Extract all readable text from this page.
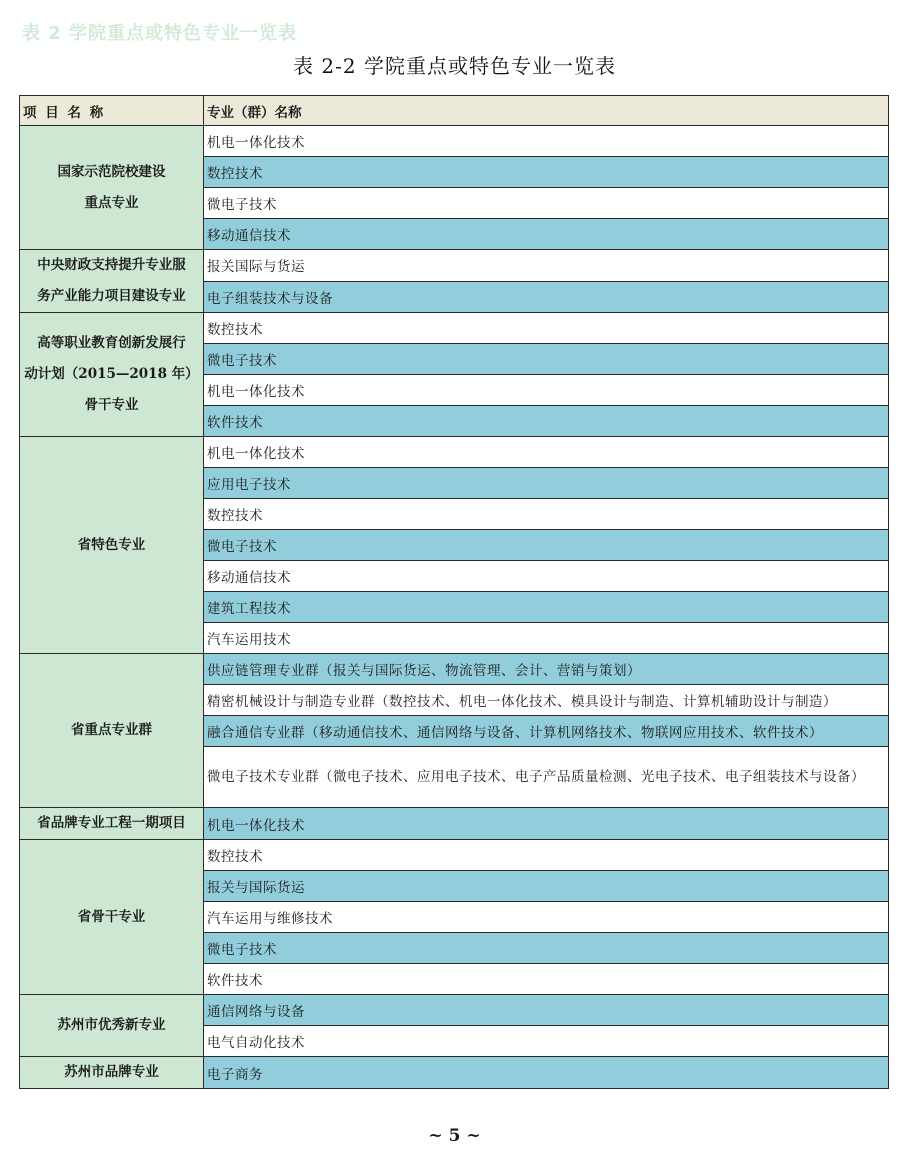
表 2 学院重点或特色专业一览表
表 2-2 学院重点或特色专业一览表
项 目 名 称	专业（群）名称
国家示范院校建设
重点专业	机电一体化技术
	数控技术
	微电子技术
	移动通信技术
中央财政支持提升专业服
务产业能力项目建设专业	报关国际与货运
	电子组装技术与设备
高等职业教育创新发展行
动计划（2015—2018 年）
骨干专业	数控技术
	微电子技术
	机电一体化技术
	软件技术
省特色专业	机电一体化技术
	应用电子技术
	数控技术
	微电子技术
	移动通信技术
	建筑工程技术
	汽车运用技术
省重点专业群	供应链管理专业群（报关与国际货运、物流管理、会计、营销与策划）
	精密机械设计与制造专业群（数控技术、机电一体化技术、模具设计与制造、计算机辅助设计与制造）
	融合通信专业群（移动通信技术、通信网络与设备、计算机网络技术、物联网应用技术、软件技术）
	微电子技术专业群（微电子技术、应用电子技术、电子产品质量检测、光电子技术、电子组装技术与设备）
省品牌专业工程一期项目	机电一体化技术
省骨干专业	数控技术
	报关与国际货运
	汽车运用与维修技术
	微电子技术
	软件技术
苏州市优秀新专业	通信网络与设备
	电气自动化技术
苏州市品牌专业	电子商务
~ 5 ~
